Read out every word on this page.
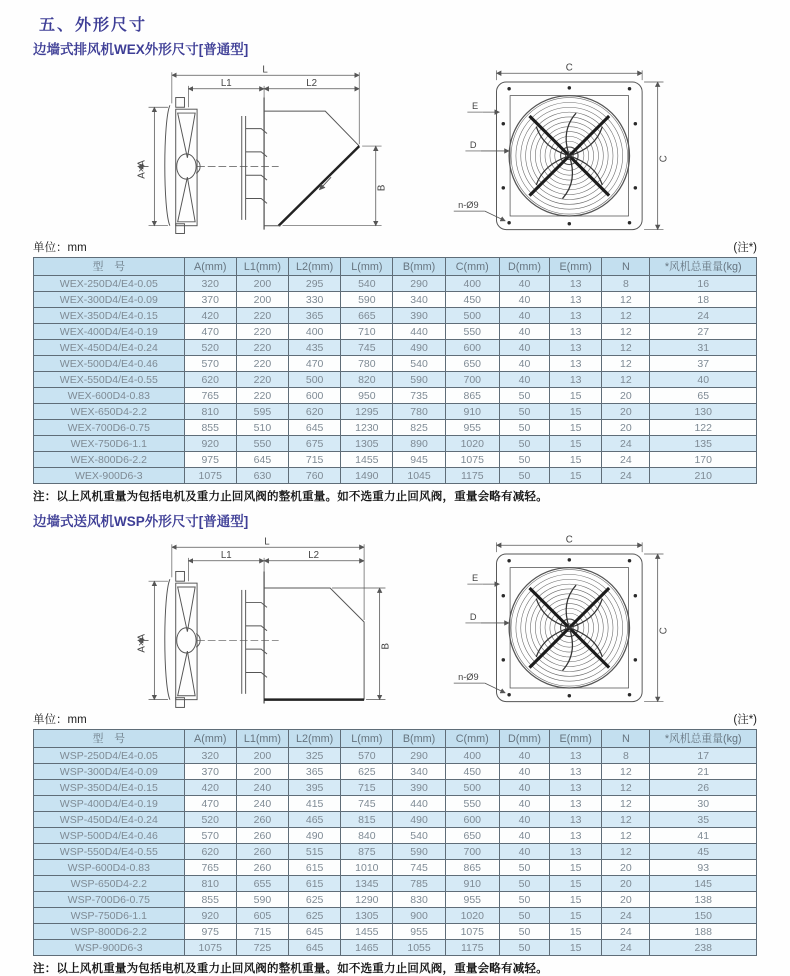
五、外形尺寸
边墙式排风机WEX外形尺寸[普通型]
L
L1	L2
A×A
B
C
C
E
D
n-Ø9
单位：mm	(注*)
型　号	A(mm)	L1(mm)	L2(mm)	L(mm)	B(mm)	C(mm)	D(mm)	E(mm)	N	*风机总重量(kg)
WEX-250D4/E4-0.05	320	200	295	540	290	400	40	13	8	16
WEX-300D4/E4-0.09	370	200	330	590	340	450	40	13	12	18
WEX-350D4/E4-0.15	420	220	365	665	390	500	40	13	12	24
WEX-400D4/E4-0.19	470	220	400	710	440	550	40	13	12	27
WEX-450D4/E4-0.24	520	220	435	745	490	600	40	13	12	31
WEX-500D4/E4-0.46	570	220	470	780	540	650	40	13	12	37
WEX-550D4/E4-0.55	620	220	500	820	590	700	40	13	12	40
WEX-600D4-0.83	765	220	600	950	735	865	50	15	20	65
WEX-650D4-2.2	810	595	620	1295	780	910	50	15	20	130
WEX-700D6-0.75	855	510	645	1230	825	955	50	15	20	122
WEX-750D6-1.1	920	550	675	1305	890	1020	50	15	24	135
WEX-800D6-2.2	975	645	715	1455	945	1075	50	15	24	170
WEX-900D6-3	1075	630	760	1490	1045	1175	50	15	24	210
注：以上风机重量为包括电机及重力止回风阀的整机重量。如不选重力止回风阀，重量会略有减轻。
边墙式送风机WSP外形尺寸[普通型]
L
L1	L2
A×A	B
C
C
E
D
n-Ø9
单位：mm	(注*)
型　号	A(mm)	L1(mm)	L2(mm)	L(mm)	B(mm)	C(mm)	D(mm)	E(mm)	N	*风机总重量(kg)
WSP-250D4/E4-0.05	320	200	325	570	290	400	40	13	8	17
WSP-300D4/E4-0.09	370	200	365	625	340	450	40	13	12	21
WSP-350D4/E4-0.15	420	240	395	715	390	500	40	13	12	26
WSP-400D4/E4-0.19	470	240	415	745	440	550	40	13	12	30
WSP-450D4/E4-0.24	520	260	465	815	490	600	40	13	12	35
WSP-500D4/E4-0.46	570	260	490	840	540	650	40	13	12	41
WSP-550D4/E4-0.55	620	260	515	875	590	700	40	13	12	45
WSP-600D4-0.83	765	260	615	1010	745	865	50	15	20	93
WSP-650D4-2.2	810	655	615	1345	785	910	50	15	20	145
WSP-700D6-0.75	855	590	625	1290	830	955	50	15	20	138
WSP-750D6-1.1	920	605	625	1305	900	1020	50	15	24	150
WSP-800D6-2.2	975	715	645	1455	955	1075	50	15	24	188
WSP-900D6-3	1075	725	645	1465	1055	1175	50	15	24	238
注：以上风机重量为包括电机及重力止回风阀的整机重量。如不选重力止回风阀，重量会略有减轻。
